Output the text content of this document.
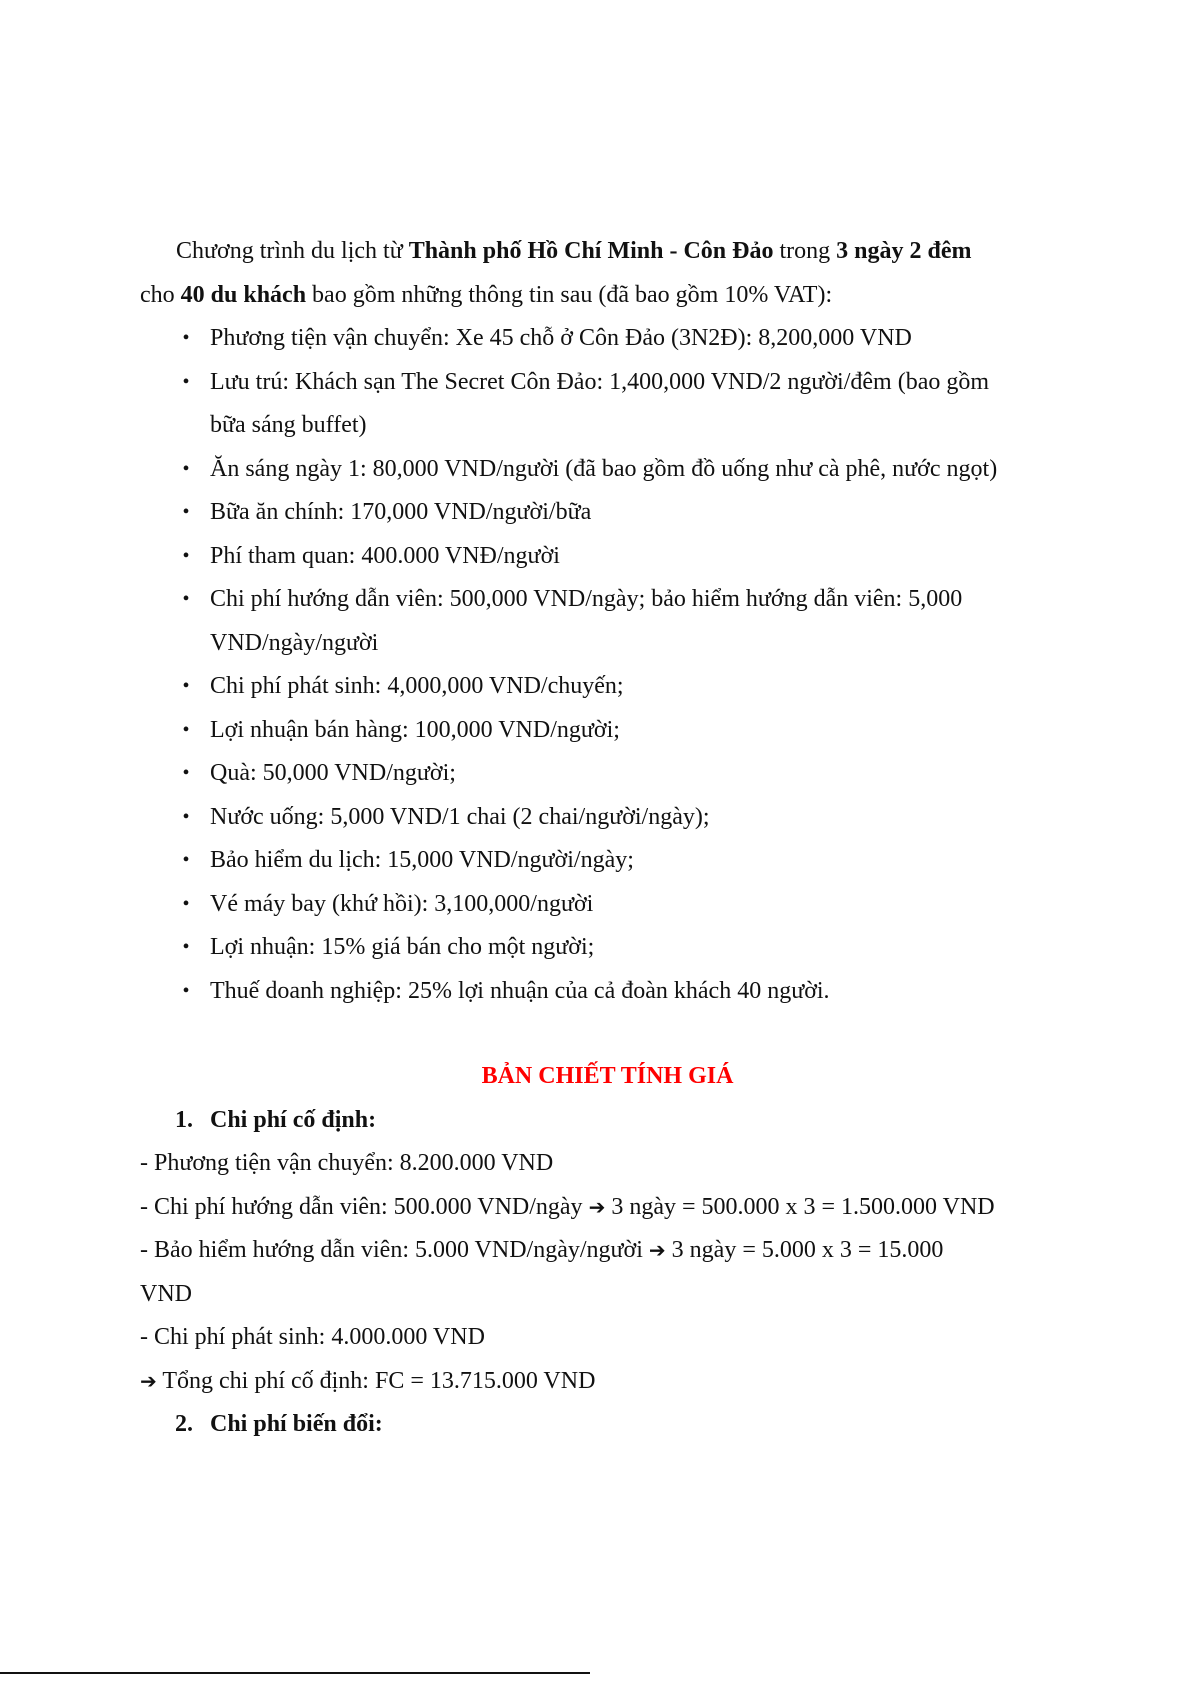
Chương trình du lịch từ Thành phố Hồ Chí Minh - Côn Đảo trong 3 ngày 2 đêm

cho 40 du khách bao gồm những thông tin sau (đã bao gồm 10% VAT):

• Phương tiện vận chuyển: Xe 45 chỗ ở Côn Đảo (3N2Đ): 8,200,000 VND
• Lưu trú: Khách sạn The Secret Côn Đảo: 1,400,000 VND/2 người/đêm (bao gồm
bữa sáng buffet)
• Ăn sáng ngày 1: 80,000 VND/người (đã bao gồm đồ uống như cà phê, nước ngọt)
• Bữa ăn chính: 170,000 VND/người/bữa
• Phí tham quan: 400.000 VNĐ/người
• Chi phí hướng dẫn viên: 500,000 VND/ngày; bảo hiểm hướng dẫn viên: 5,000
VND/ngày/người
• Chi phí phát sinh: 4,000,000 VND/chuyến;
• Lợi nhuận bán hàng: 100,000 VND/người;
• Quà: 50,000 VND/người;
• Nước uống: 5,000 VND/1 chai (2 chai/người/ngày);
• Bảo hiểm du lịch: 15,000 VND/người/ngày;
• Vé máy bay (khứ hồi): 3,100,000/người
• Lợi nhuận: 15% giá bán cho một người;
• Thuế doanh nghiệp: 25% lợi nhuận của cả đoàn khách 40 người.
BẢN CHIẾT TÍNH GIÁ
1. Chi phí cố định:

- Phương tiện vận chuyển: 8.200.000 VND

- Chi phí hướng dẫn viên: 500.000 VND/ngày ➔ 3 ngày = 500.000 x 3 = 1.500.000 VND

- Bảo hiểm hướng dẫn viên: 5.000 VND/ngày/người ➔ 3 ngày = 5.000 x 3 = 15.000

VND

- Chi phí phát sinh: 4.000.000 VND

➔ Tổng chi phí cố định: FC = 13.715.000 VND

2. Chi phí biến đổi:
